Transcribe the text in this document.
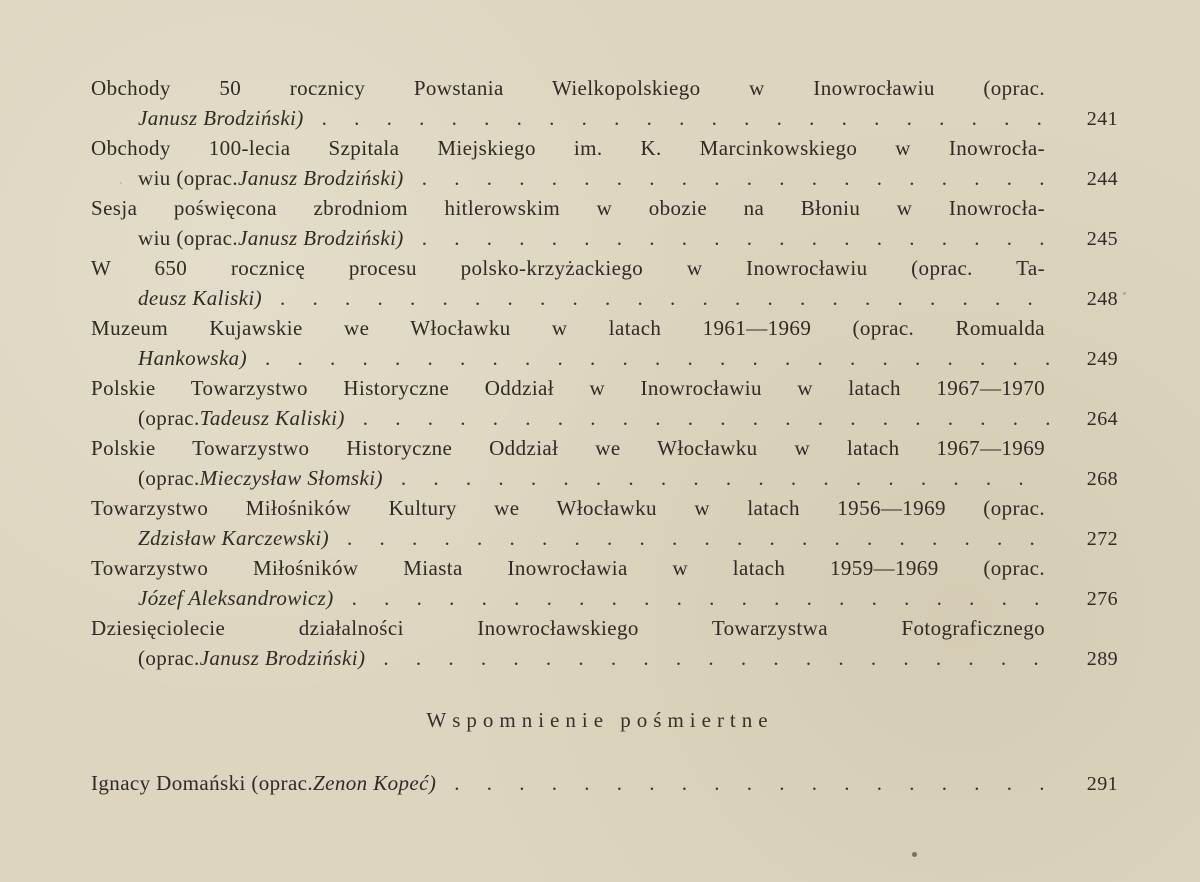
Obchody 50 rocznicy Powstania Wielkopolskiego w Inowrocławiu (oprac.
Janusz Brodziński) . . .	241
Obchody 100-lecia Szpitala Miejskiego im. K. Marcinkowskiego w Inowrocła-
wiu (oprac. Janusz Brodziński) . . .	244
Sesja poświęcona zbrodniom hitlerowskim w obozie na Błoniu w Inowrocła-
wiu (oprac. Janusz Brodziński) . . .	245
W 650 rocznicę procesu polsko-krzyżackiego w Inowrocławiu (oprac. Ta-
deusz Kaliski) . . .	248
Muzeum Kujawskie we Włocławku w latach 1961—1969 (oprac. Romualda
Hankowska) . . .	249
Polskie Towarzystwo Historyczne Oddział w Inowrocławiu w latach 1967—1970
(oprac. Tadeusz Kaliski) . . .	264
Polskie Towarzystwo Historyczne Oddział we Włocławku w latach 1967—1969
(oprac. Mieczysław Słomski) . . .	268
Towarzystwo Miłośników Kultury we Włocławku w latach 1956—1969 (oprac.
Zdzisław Karczewski) . . .	272
Towarzystwo Miłośników Miasta Inowrocławia w latach 1959—1969 (oprac.
Józef Aleksandrowicz) . . .	276
Dziesięciolecie działalności Inowrocławskiego Towarzystwa Fotograficznego
(oprac. Janusz Brodziński) . . .	289
Wspomnienie pośmiertne
Ignacy Domański (oprac. Zenon Kopeć) . . .	291
